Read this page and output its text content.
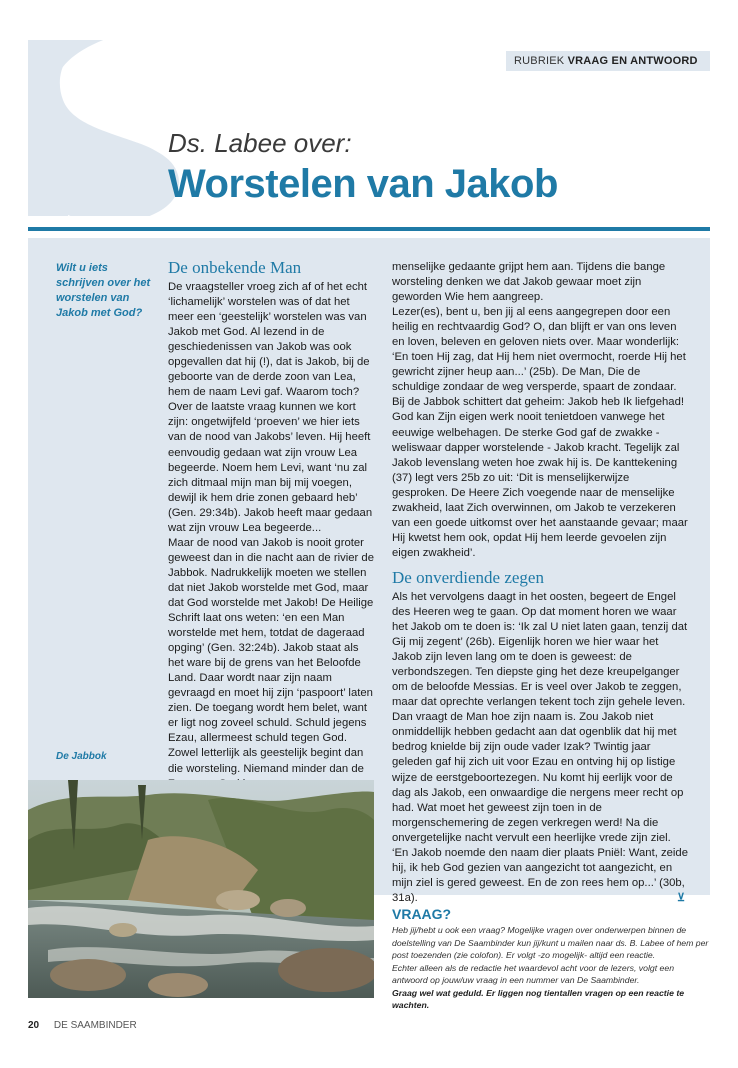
RUBRIEK VRAAG EN ANTWOORD
Ds. Labee over:
Worstelen van Jakob
Wilt u iets schrijven over het worstelen van Jakob met God?
De Jabbok
De onbekende Man

De vraagsteller vroeg zich af of het echt ‘lichamelijk’ worstelen was of dat het meer een ‘geestelijk’ worstelen was van Jakob met God. Al lezend in de geschiedenissen van Jakob was ook opgevallen dat hij (!), dat is Jakob, bij de geboorte van de derde zoon van Lea, hem de naam Levi gaf. Waarom toch?

Over de laatste vraag kunnen we kort zijn: ongetwijfeld ‘proeven’ we hier iets van de nood van Jakobs’ leven. Hij heeft eenvoudig gedaan wat zijn vrouw Lea begeerde. Noem hem Levi, want ‘nu zal zich ditmaal mijn man bij mij voegen, dewijl ik hem drie zonen gebaard heb’ (Gen. 29:34b). Jakob heeft maar gedaan wat zijn vrouw Lea begeerde...

Maar de nood van Jakob is nooit groter geweest dan in die nacht aan de rivier de Jabbok. Nadrukkelijk moeten we stellen dat niet Jakob worstelde met God, maar dat God worstelde met Jakob! De Heilige Schrift laat ons weten: ‘en een Man worstelde met hem, totdat de dageraad opging’ (Gen. 32:24b). Jakob staat als het ware bij de grens van het Beloofde Land. Daar wordt naar zijn naam gevraagd en moet hij zijn ‘paspoort’ laten zien. De toegang wordt hem belet, want er ligt nog zoveel schuld. Schuld jegens Ezau, allermeest schuld tegen God. Zowel letterlijk als geestelijk begint dan die worsteling. Niemand minder dan de

menselijke gedaante grijpt hem aan. Tijdens die bange worsteling denken we dat Jakob gewaar moet zijn geworden Wie hem aangreep.

Lezer(es), bent u, ben jij al eens aangegrepen door een heilig en rechtvaardig God? O, dan blijft er van ons leven en loven, beleven en geloven niets over. Maar wonderlijk: ‘En toen Hij zag, dat Hij hem niet overmocht, roerde Hij het gewricht zijner heup aan...’ (25b). De Man, Die de schuldige zondaar de weg versperde, spaart de zondaar. Bij de Jabbok schittert dat geheim: Jakob heb Ik liefgehad! God kan Zijn eigen werk nooit tenietdoen vanwege het eeuwige welbehagen. De sterke God gaf de zwakke - weliswaar dapper worstelende - Jakob kracht. Tegelijk zal Jakob levenslang weten hoe zwak hij is. De kanttekening (37) legt vers 25b zo uit: ‘Dit is menselijkerwijze gesproken. De Heere Zich voegende naar de menselijke zwakheid, laat Zich overwinnen, om Jakob te verzekeren van een goede uitkomst over het aanstaande gevaar; maar Hij kwetst hem ook, opdat Hij hem leerde gevoelen zijn eigen zwakheid’.

De onverdiende zegen

Als het vervolgens daagt in het oosten, begeert de Engel des Heeren weg te gaan. Op dat moment horen we waar het Jakob om te doen is: ‘Ik zal U niet laten gaan, tenzij dat Gij mij zegent’ (26b). Eigenlijk horen we hier waar het Jakob zijn leven lang om te doen is geweest: de verbondszegen. Ten diepste ging het deze kreupelganger om de beloofde Messias. Er is veel over Jakob te zeggen, maar dat oprechte verlangen tekent toch zijn gehele leven. Dan vraagt de Man hoe zijn naam is. Zou Jakob niet onmiddellijk hebben gedacht aan dat ogenblik dat hij met bedrog knielde bij zijn oude vader Izak? Twintig jaar geleden gaf hij zich uit voor Ezau en ontving hij op listige wijze de eerstgeboortezegen. Nu komt hij eerlijk voor de dag als Jakob, een onwaardige die nergens meer recht op had. Wat moet het geweest zijn toen in de morgenschemering de zegen verkregen werd! Na die onvergetelijke nacht vervult een heerlijke vrede zijn ziel. ‘En Jakob noemde den naam dier plaats Pniël: Want, zeide hij, ik heb God gezien van aangezicht tot aangezicht, en mijn ziel is gered geweest. En de zon rees hem op...’ (30b, 31a).	⊻

VRAAG?

Heb jij/hebt u ook een vraag? Mogelijke vragen over onderwerpen binnen de doelstelling van De Saambinder kun jij/kunt u mailen naar ds. B. Labee of hem per post toezenden (zie colofon). Er volgt -zo mogelijk- altijd een reactie.

Echter alleen als de redactie het waardevol acht voor de lezers, volgt een antwoord op jouw/uw vraag in een nummer van De Saambinder.

Graag wel wat geduld. Er liggen nog tientallen vragen op een reactie te wachten.

20 DE SAAMBINDER
